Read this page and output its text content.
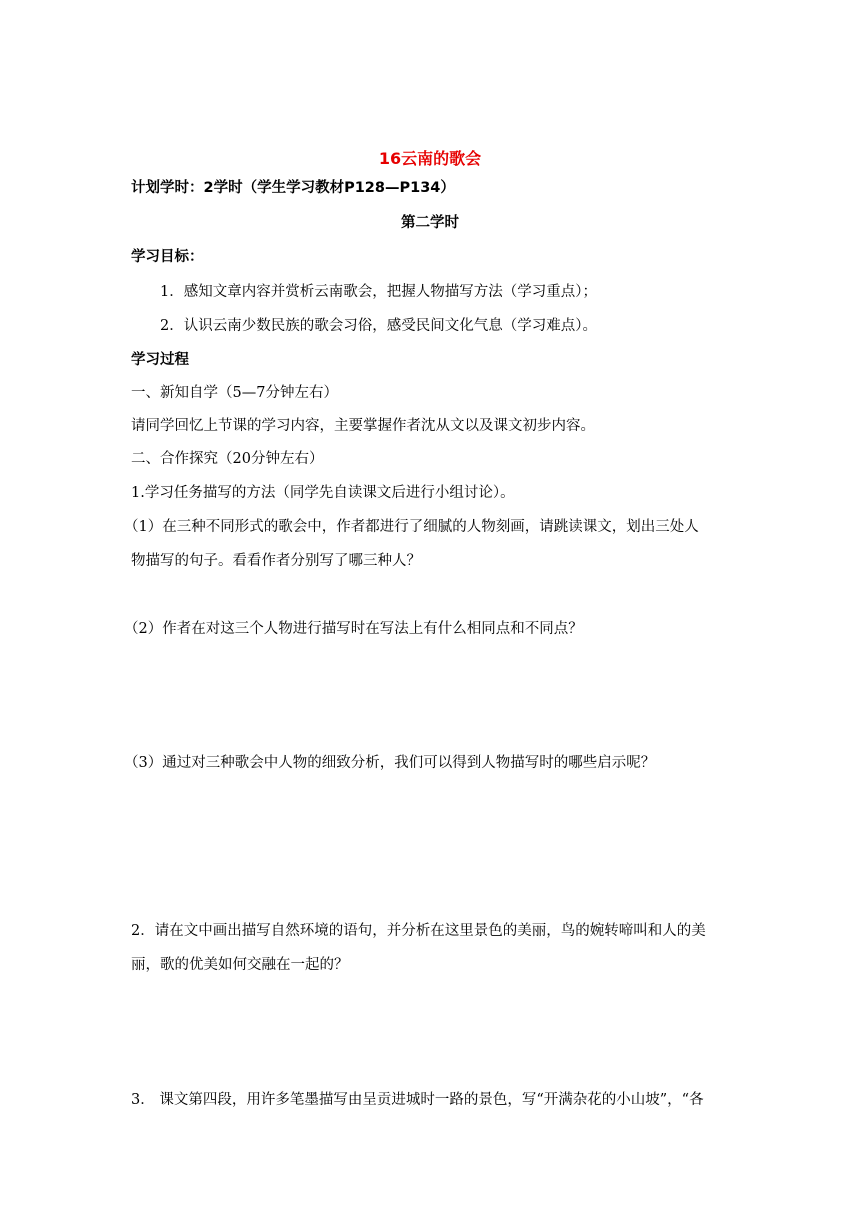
16云南的歌会
计划学时：2学时（学生学习教材P128—P134）
第二学时
学习目标：
1．感知文章内容并赏析云南歌会，把握人物描写方法（学习重点）；
2．认识云南少数民族的歌会习俗，感受民间文化气息（学习难点）。
学习过程
一、新知自学（5—7分钟左右）
请同学回忆上节课的学习内容，主要掌握作者沈从文以及课文初步内容。
二、合作探究（20分钟左右）
1.学习任务描写的方法（同学先自读课文后进行小组讨论）。
（1）在三种不同形式的歌会中，作者都进行了细腻的人物刻画，请跳读课文，划出三处人
物描写的句子。看看作者分别写了哪三种人？
（2）作者在对这三个人物进行描写时在写法上有什么相同点和不同点？
（3）通过对三种歌会中人物的细致分析，我们可以得到人物描写时的哪些启示呢？
2．请在文中画出描写自然环境的语句，并分析在这里景色的美丽，鸟的婉转啼叫和人的美
丽，歌的优美如何交融在一起的？
3． 课文第四段，用许多笔墨描写由呈贡进城时一路的景色，写“开满杂花的小山坡”，“各
